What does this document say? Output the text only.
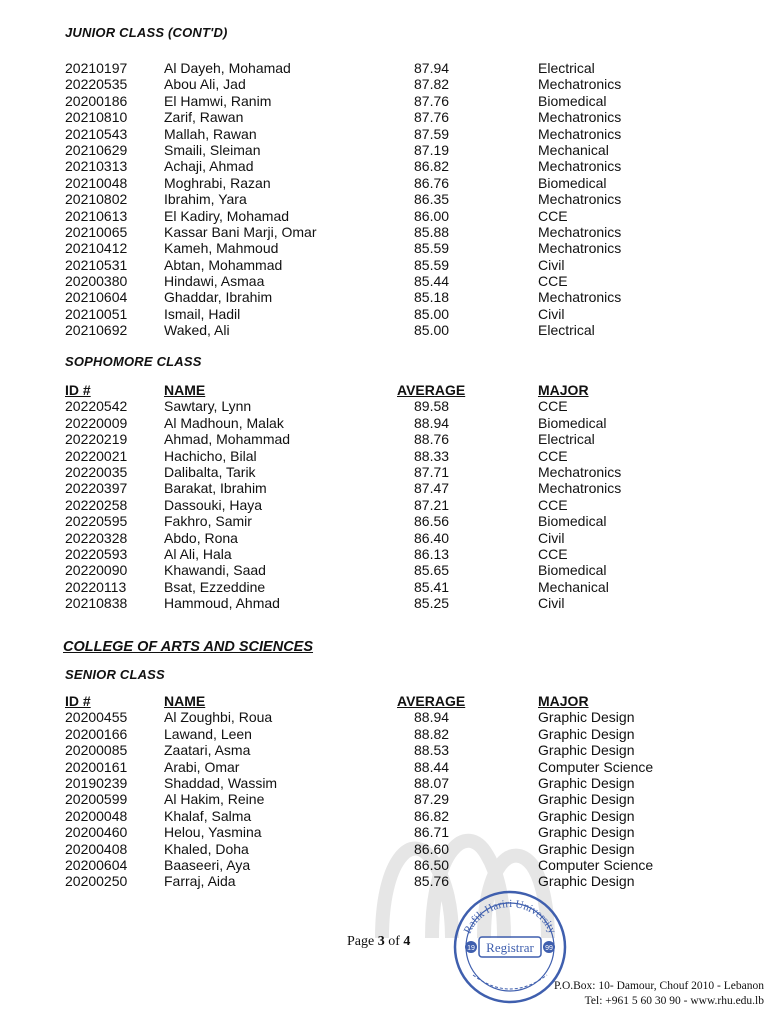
JUNIOR CLASS (CONT'D)
20210197	Al Dayeh, Mohamad	87.94	Electrical
20220535	Abou Ali, Jad	87.82	Mechatronics
20200186	El Hamwi, Ranim	87.76	Biomedical
20210810	Zarif, Rawan	87.76	Mechatronics
20210543	Mallah, Rawan	87.59	Mechatronics
20210629	Smaili, Sleiman	87.19	Mechanical
20210313	Achaji, Ahmad	86.82	Mechatronics
20210048	Moghrabi, Razan	86.76	Biomedical
20210802	Ibrahim, Yara	86.35	Mechatronics
20210613	El Kadiry, Mohamad	86.00	CCE
20210065	Kassar Bani Marji, Omar	85.88	Mechatronics
20210412	Kameh, Mahmoud	85.59	Mechatronics
20210531	Abtan, Mohammad	85.59	Civil
20200380	Hindawi, Asmaa	85.44	CCE
20210604	Ghaddar, Ibrahim	85.18	Mechatronics
20210051	Ismail, Hadil	85.00	Civil
20210692	Waked, Ali	85.00	Electrical
SOPHOMORE CLASS
ID #	NAME	AVERAGE	MAJOR
20220542	Sawtary, Lynn	89.58	CCE
20220009	Al Madhoun, Malak	88.94	Biomedical
20220219	Ahmad, Mohammad	88.76	Electrical
20220021	Hachicho, Bilal	88.33	CCE
20220035	Dalibalta, Tarik	87.71	Mechatronics
20220397	Barakat, Ibrahim	87.47	Mechatronics
20220258	Dassouki, Haya	87.21	CCE
20220595	Fakhro, Samir	86.56	Biomedical
20220328	Abdo, Rona	86.40	Civil
20220593	Al Ali, Hala	86.13	CCE
20220090	Khawandi, Saad	85.65	Biomedical
20220113	Bsat, Ezzeddine	85.41	Mechanical
20210838	Hammoud, Ahmad	85.25	Civil
COLLEGE OF ARTS AND SCIENCES
SENIOR CLASS
ID #	NAME	AVERAGE	MAJOR
20200455	Al Zoughbi, Roua	88.94	Graphic Design
20200166	Lawand, Leen	88.82	Graphic Design
20200085	Zaatari, Asma	88.53	Graphic Design
20200161	Arabi, Omar	88.44	Computer Science
20190239	Shaddad, Wassim	88.07	Graphic Design
20200599	Al Hakim, Reine	87.29	Graphic Design
20200048	Khalaf, Salma	86.82	Graphic Design
20200460	Helou, Yasmina	86.71	Graphic Design
20200408	Khaled, Doha	86.60	Graphic Design
20200604	Baaseeri, Aya	86.50	Computer Science
20200250	Farraj, Aida	85.76	Graphic Design
Page 3 of 4
Rafik Hariri University
Registrar
19	99
P.O.Box: 10- Damour, Chouf 2010 - Lebanon
Tel: +961 5 60 30 90 - www.rhu.edu.lb
